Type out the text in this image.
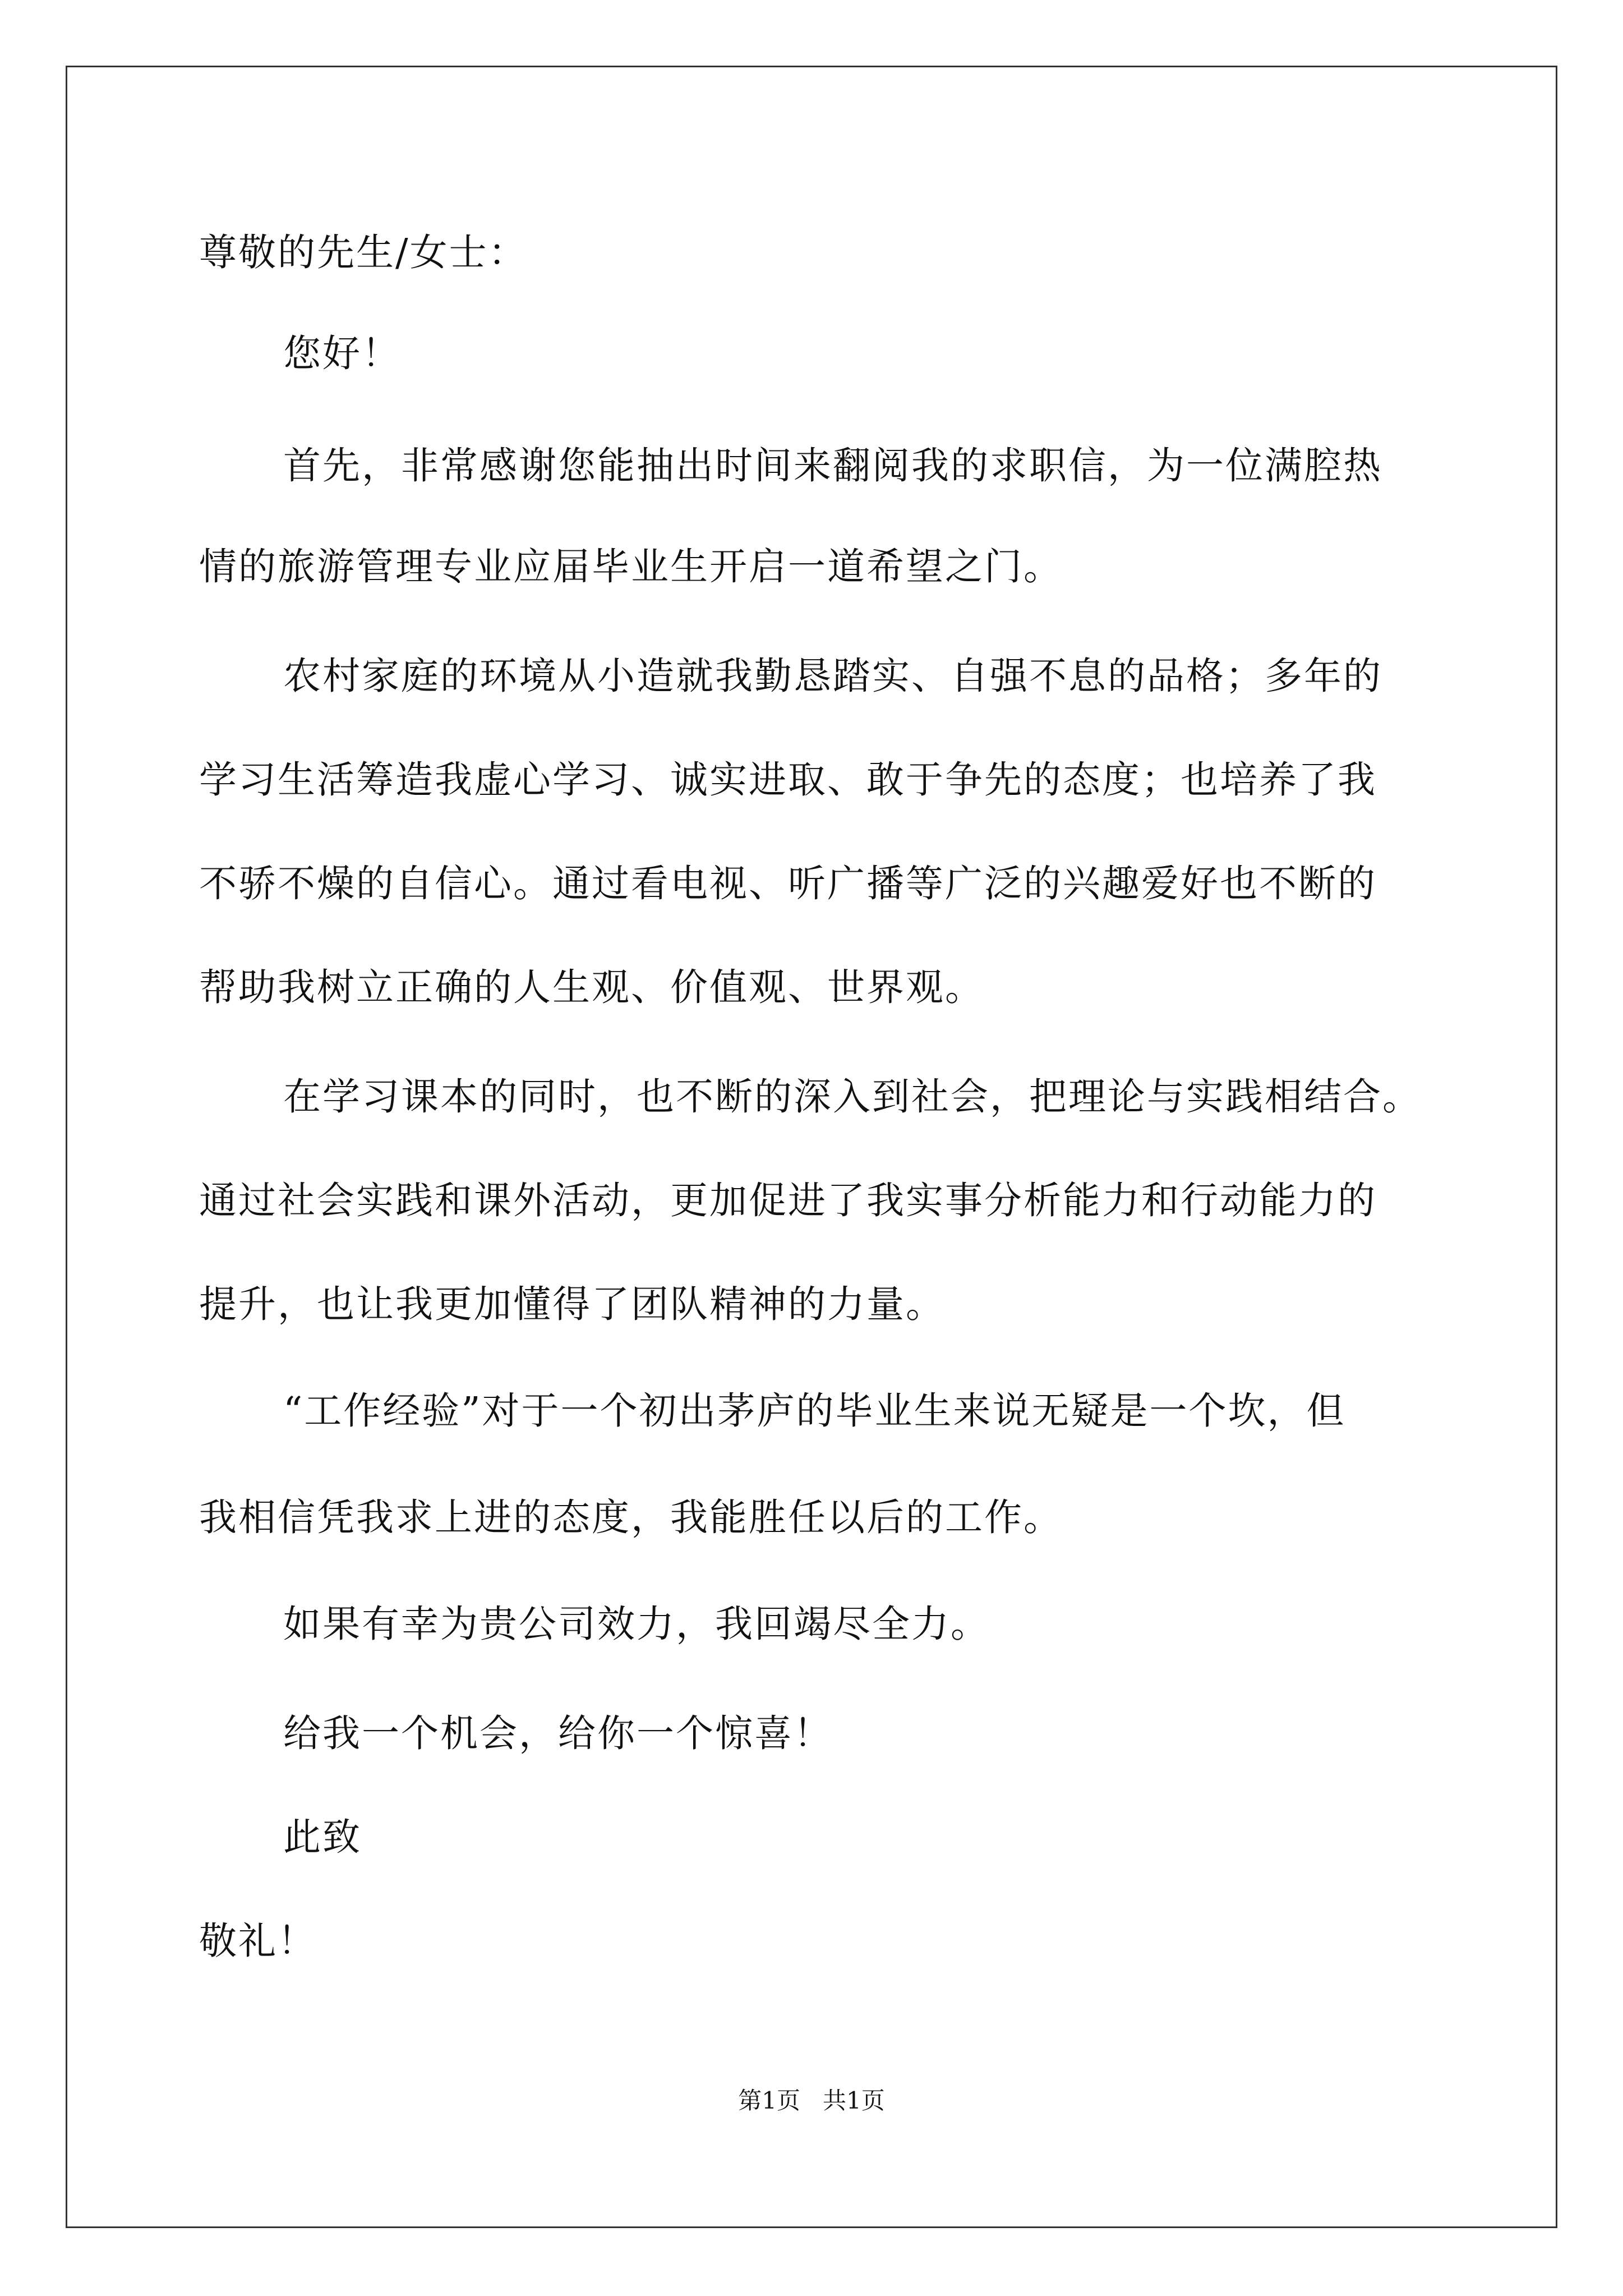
尊敬的先生/女士：
您好！
首先，非常感谢您能抽出时间来翻阅我的求职信，为一位满腔热
情的旅游管理专业应届毕业生开启一道希望之门。
农村家庭的环境从小造就我勤恳踏实、自强不息的品格；多年的
学习生活筹造我虚心学习、诚实进取、敢于争先的态度；也培养了我
不骄不燥的自信心。通过看电视、听广播等广泛的兴趣爱好也不断的
帮助我树立正确的人生观、价值观、世界观。
在学习课本的同时，也不断的深入到社会，把理论与实践相结合。
通过社会实践和课外活动，更加促进了我实事分析能力和行动能力的
提升，也让我更加懂得了团队精神的力量。
“工作经验”对于一个初出茅庐的毕业生来说无疑是一个坎，但
我相信凭我求上进的态度，我能胜任以后的工作。
如果有幸为贵公司效力，我回竭尽全力。
给我一个机会，给你一个惊喜！
此致
敬礼！
第1页 共1页
